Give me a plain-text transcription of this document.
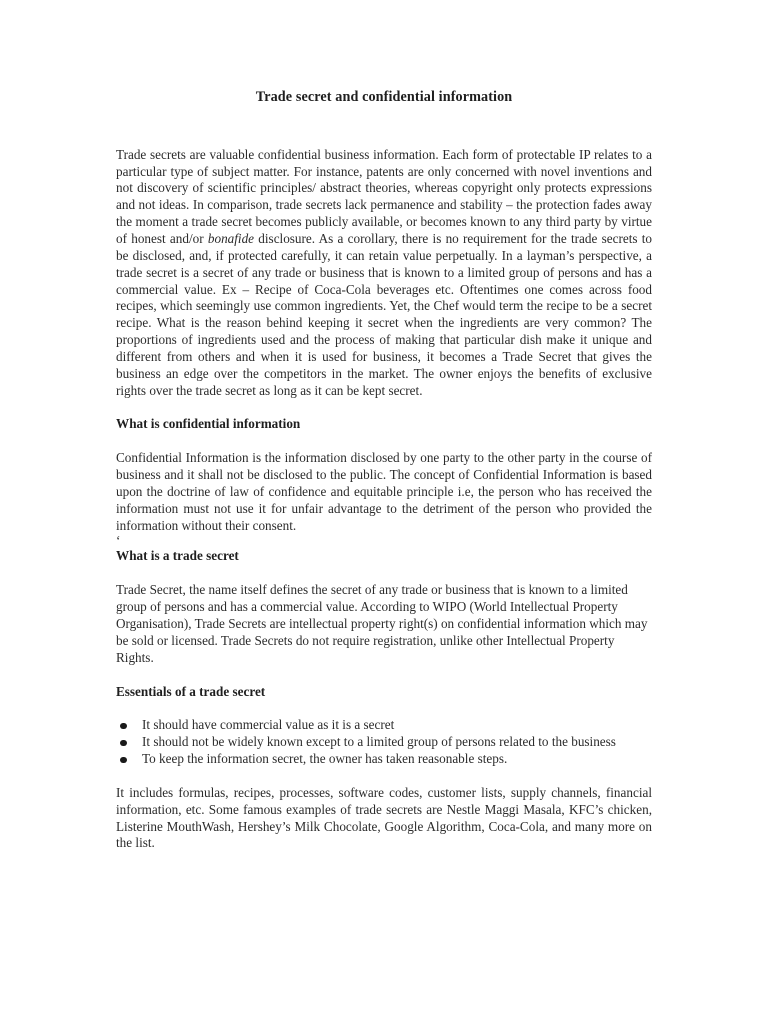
Trade secret and confidential information

Trade secrets are valuable confidential business information. Each form of protectable IP relates to a particular type of subject matter. For instance, patents are only concerned with novel inventions and not discovery of scientific principles/ abstract theories, whereas copyright only protects expressions and not ideas. In comparison, trade secrets lack permanence and stability – the protection fades away the moment a trade secret becomes publicly available, or becomes known to any third party by virtue of honest and/or bonafide disclosure. As a corollary, there is no requirement for the trade secrets to be disclosed, and, if protected carefully, it can retain value perpetually. In a layman’s perspective, a trade secret is a secret of any trade or business that is known to a limited group of persons and has a commercial value. Ex – Recipe of Coca-Cola beverages etc. Oftentimes one comes across food recipes, which seemingly use common ingredients. Yet, the Chef would term the recipe to be a secret recipe. What is the reason behind keeping it secret when the ingredients are very common? The proportions of ingredients used and the process of making that particular dish make it unique and different from others and when it is used for business, it becomes a Trade Secret that gives the business an edge over the competitors in the market. The owner enjoys the benefits of exclusive rights over the trade secret as long as it can be kept secret.

What is confidential information

Confidential Information is the information disclosed by one party to the other party in the course of business and it shall not be disclosed to the public. The concept of Confidential Information is based upon the doctrine of law of confidence and equitable principle i.e, the person who has received the information must not use it for unfair advantage to the detriment of the person who provided the information without their consent.

‘

What is a trade secret

Trade Secret, the name itself defines the secret of any trade or business that is known to a limited group of persons and has a commercial value. According to WIPO (World Intellectual Property Organisation), Trade Secrets are intellectual property right(s) on confidential information which may be sold or licensed. Trade Secrets do not require registration, unlike other Intellectual Property Rights.

Essentials of a trade secret
It should have commercial value as it is a secret
It should not be widely known except to a limited group of persons related to the business
To keep the information secret, the owner has taken reasonable steps.

It includes formulas, recipes, processes, software codes, customer lists, supply channels, financial information, etc. Some famous examples of trade secrets are Nestle Maggi Masala, KFC’s chicken, Listerine MouthWash, Hershey’s Milk Chocolate, Google Algorithm, Coca-Cola, and many more on the list.
